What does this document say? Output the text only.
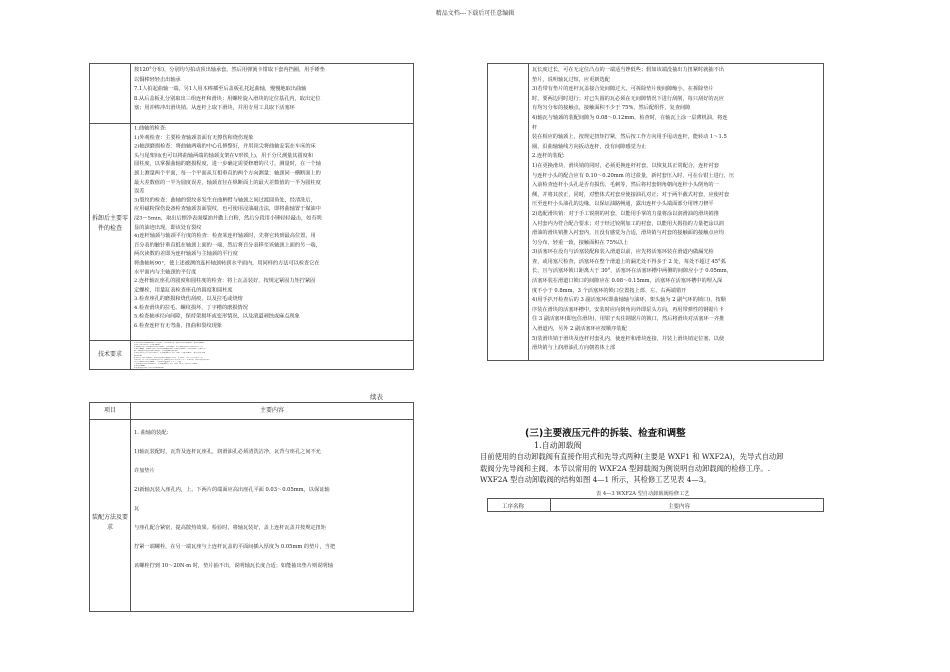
精品文档---下载后可任意编辑
按120°分布)，分别均匀拍动顶出轴承套。然后用弹簧卡钳取下套内挡圈，用手锤垫
以铜棒轻轻击出轴承
7.1人拍起曲轴一端，另1人用木棒插至后盖板孔托起曲轴，慢慢地取出曲轴
8.从后盖板孔分别取出三组连杆和滑块；用螺栓旋入滑块的定位基孔内，取出定位
塞；用冲棒冲出滑块销。从连杆上取下滑块，并用专用工具取下活塞环
拆卸后主要零件的检查
1.曲轴的检查:
1)外观检查：主要检查轴颈表面有无擦伤和烧伤现象
2)轴颈磨损检查：将曲轴两端的中心孔修整好，并用顶尖将曲轴安装在车床的床
头与尾架间(也可以将曲轴两端的轴颈支架在V形铁上)，用千分尺测量其圆度和
圆柱度，以掌握曲轴的磨损程度，进一步确定需要修磨的尺寸。测量时，在一个轴
颈上测量两个平面，每一个平面从互相垂直的两个方向测量：轴颈同一横断面上的
最大差数值的一半为圆度误差，轴颈直径在纵断面上的最大差数值的一半为圆柱度
误差
3)裂纹的检查：曲轴的裂纹多发生在曲柄臂与轴颈之间过渡圆角处，经清洗后，
应用磁粉探伤设备检查轴颈表面裂纹，也可使用浸油敲击法，即将曲轴置于煤油中
浸3～5min，取出后擦净表面煤油并撒上白粉，然后分段用小锤轻轻敲击，如有明
显的油迹出现，即该处有裂纹
4)连杆轴颈与轴颈平行度的检查：检查某连杆轴颈时，先将它转到最高位置，用
百分表的触针垂直抵在轴颈上面的一端，然后将百分表移至该轴颈上面的另一端，
两次读数的差即为连杆轴颈与主轴颈的平行度
将曲轴转90°，使上述被测的连杆轴颈转到水平面内，用同样的方法可以检查它在
水平面内与主轴颈的平行度
2.连杆轴瓦座孔的圆度和圆柱度的检查：将上瓦盖装好，按规定紧固力矩拧紧固
定螺栓，用量缸表检查座孔的圆度和圆柱度
3.检查座孔的磨损和烧伤刮痕，以及拉毛或烧熔
4.检查滑块的拉毛、螺纹损坏，丁字槽的磨损情况
5.检查轴承径向间隙，保持架损坏或变形情况，以及滚道剥蚀或麻点现象
6.检查连杆有无弯曲、扭曲和裂纹现象
技术要求
1.检修时所有轴承座圈上应更换，复用时必须严格检查内外圈滚道，滚柱或钢球
表面不得有擦伤、点蚀等缺陷
2.曲轴表面不得有裂纹和明显痕迹，其主轴颈、连杆轴颈的圆度和圆柱度不大于
0.025mm，对轴颈表面上稍有微细裂纹需经光磨修消除时，应按修理尺寸进行光
磨，曲轴的过渡圆角必须圆滑，表面粗糙度是 Ra
3.连杆的孔育应光滑无斑点，表面粗糙度不低于 Ra，且磨性适宜，会放表面无裂
缝和砂眼
4.连杆不得出现裂纹，连杆两端座孔轴线应在同一平面内，其平行度误差不大于
0.03%；在与此平面垂直的方面，轴线的平行度误差不大于 0.06%，座孔的圆度和圆
柱度不超过 0.025mm，三组连杆重量差不大于 75g
5.滑块销表面无锈蚀斑点，表面粗糙度不低于 Ra，圆度，圆柱度不超过
0.0025mm
6.滑块的表面应无拉毛或烧蚀现象
续表
项目	主要内容
装配方法及要求
1. 曲轴的装配:
1)轴瓦装配时，瓦背及连杆瓦座孔，润滑油孔必须清洗洁净，瓦背与座孔之间不允
许加垫片
2)新轴瓦装入座孔内，上、下两片的端面应高出座孔平面 0.03～0.05mm，以保证轴
瓦
与座孔配合紧密，提高散热效果。检验时，将轴瓦装好，盖上连杆瓦盖并按规定扭矩
拧紧一端螺栓，在另一端瓦座与上连杆瓦盖的平面间插入厚度为 0.05mm 的垫片，当把
该螺栓拧到 10～20N·m 时，垫片抽不出，说明轴瓦长度合适；如能抽出垫片则说明轴
瓦长度过长，可在无定位凸点的一端适当锉低些；假如该端没抽出力扭紧时就抽不出
垫片，说明轴瓦过短，应更新选配
3)若带有垫片的连杆瓦盖接合处间隙过大，可拆除垫片使间隙缩小。在拆除垫片
时，要两边同时进行；对已失圆的瓦必须在无间隙情况下进行刮削，每只刮好的瓦应
有均匀分布的接触点，接触面积不少于 75%，然后配组件，复查间隙
4)轴瓦与轴颈的装配间隙为 0.08～0.12mm，检查时，在轴瓦上涂一层薄机油，将连
杆
装在相应的轴颈上，按规定扭矩拧紧，然后按工作方向用手甩动连杆，能转动 1～1.5
圈，沿曲轴轴线方向扳动连杆，没有间隙感觉为止
2.连杆的装配:
1)在更换滑块、滑块销的同时，必须更换连杆衬套，以恢复其正常配合，连杆衬套
与连杆小头的配合应有 0.10～0.20mm 的过盈量，新衬套压入时，可在台钳上进行，压
入前检查连杆小头孔是否有损伤、毛刺等，然后将衬套倒角朝向连杆小头倒角的一
侧，并将其放正，同时，对整体式衬套应使接油孔对正；对于两半截式衬套，应使衬套
压至连杆小头油孔的边缘，以保证油路畅通，露出连杆小头端面部分用锉刀修平
2)选配滑块销：对于手工锐削的衬套，以能用手掌的力量将涂以润滑油的滑块销推
入衬套内为符合配合要求；对于经过铰削加工的衬套，以能用大拇指的力量把涂以润
滑油的滑块销推入衬套内，且没有感觉为合适，滑块销与衬套的接触面的接触点应均
匀分布，轻重一致，接触面积在 75%以上
3)活塞环在没有与活塞装配和装入滑道以前，应先将活塞环装在滑道内做漏光检
查，或用塞尺检查，活塞环在整个滑道上的漏光处不得多于 2 处，每处不超过 45°弧
长，且与活塞环锁口距离大于 30°，活塞环在活塞环槽中两侧的间隙应小于 0.05mm，
活塞环装在滑道口锁口的间隙应在 0.08～0.15mm，活塞环在活塞环槽中的埋入深
度不小于 0.8mm，3 个活塞环的锁口位置按上部、左、右两端错开
4)用手扒开检查后的 3 副活塞环(即曲轴轴与油环，架头轴为 2 副气环的锁口)，按顺
序装在滑块的活塞环槽中，安装时应向倒角向外即泵头方向，再用带弹性的钢锯片卡
住 3 副活塞环(即包住滑块)，用钳子夹住钢锯片的锁口，然后将滑块对活塞环一齐推
入滑道内，另外 2 副活塞环应按顺序装配
5)装滑块销于滑块及连杆衬套孔内，使连杆和滑块连接，并装上滑块销定位塞，以使
滑块销与上润滑油孔方向朝着体上部
(三)主要液压元件的拆装、检查和调整
1.自动卸载阀
目前使用的自动卸载阀有直接作用式和先导式两种(主要是 WXF1 和 WXF2A)，先导式自动卸
载阀分先导阀和主阀。本节以常用的 WXF2A 型卸载阀为例说明自动卸载阀的检修工序。.
WXF2A 型自动卸载阀的结构如图 4—1 所示，其检修工艺见表 4—3。
表 4—3 WXF2A 型自动卸载阀检修工艺
工序名称	主要内容
